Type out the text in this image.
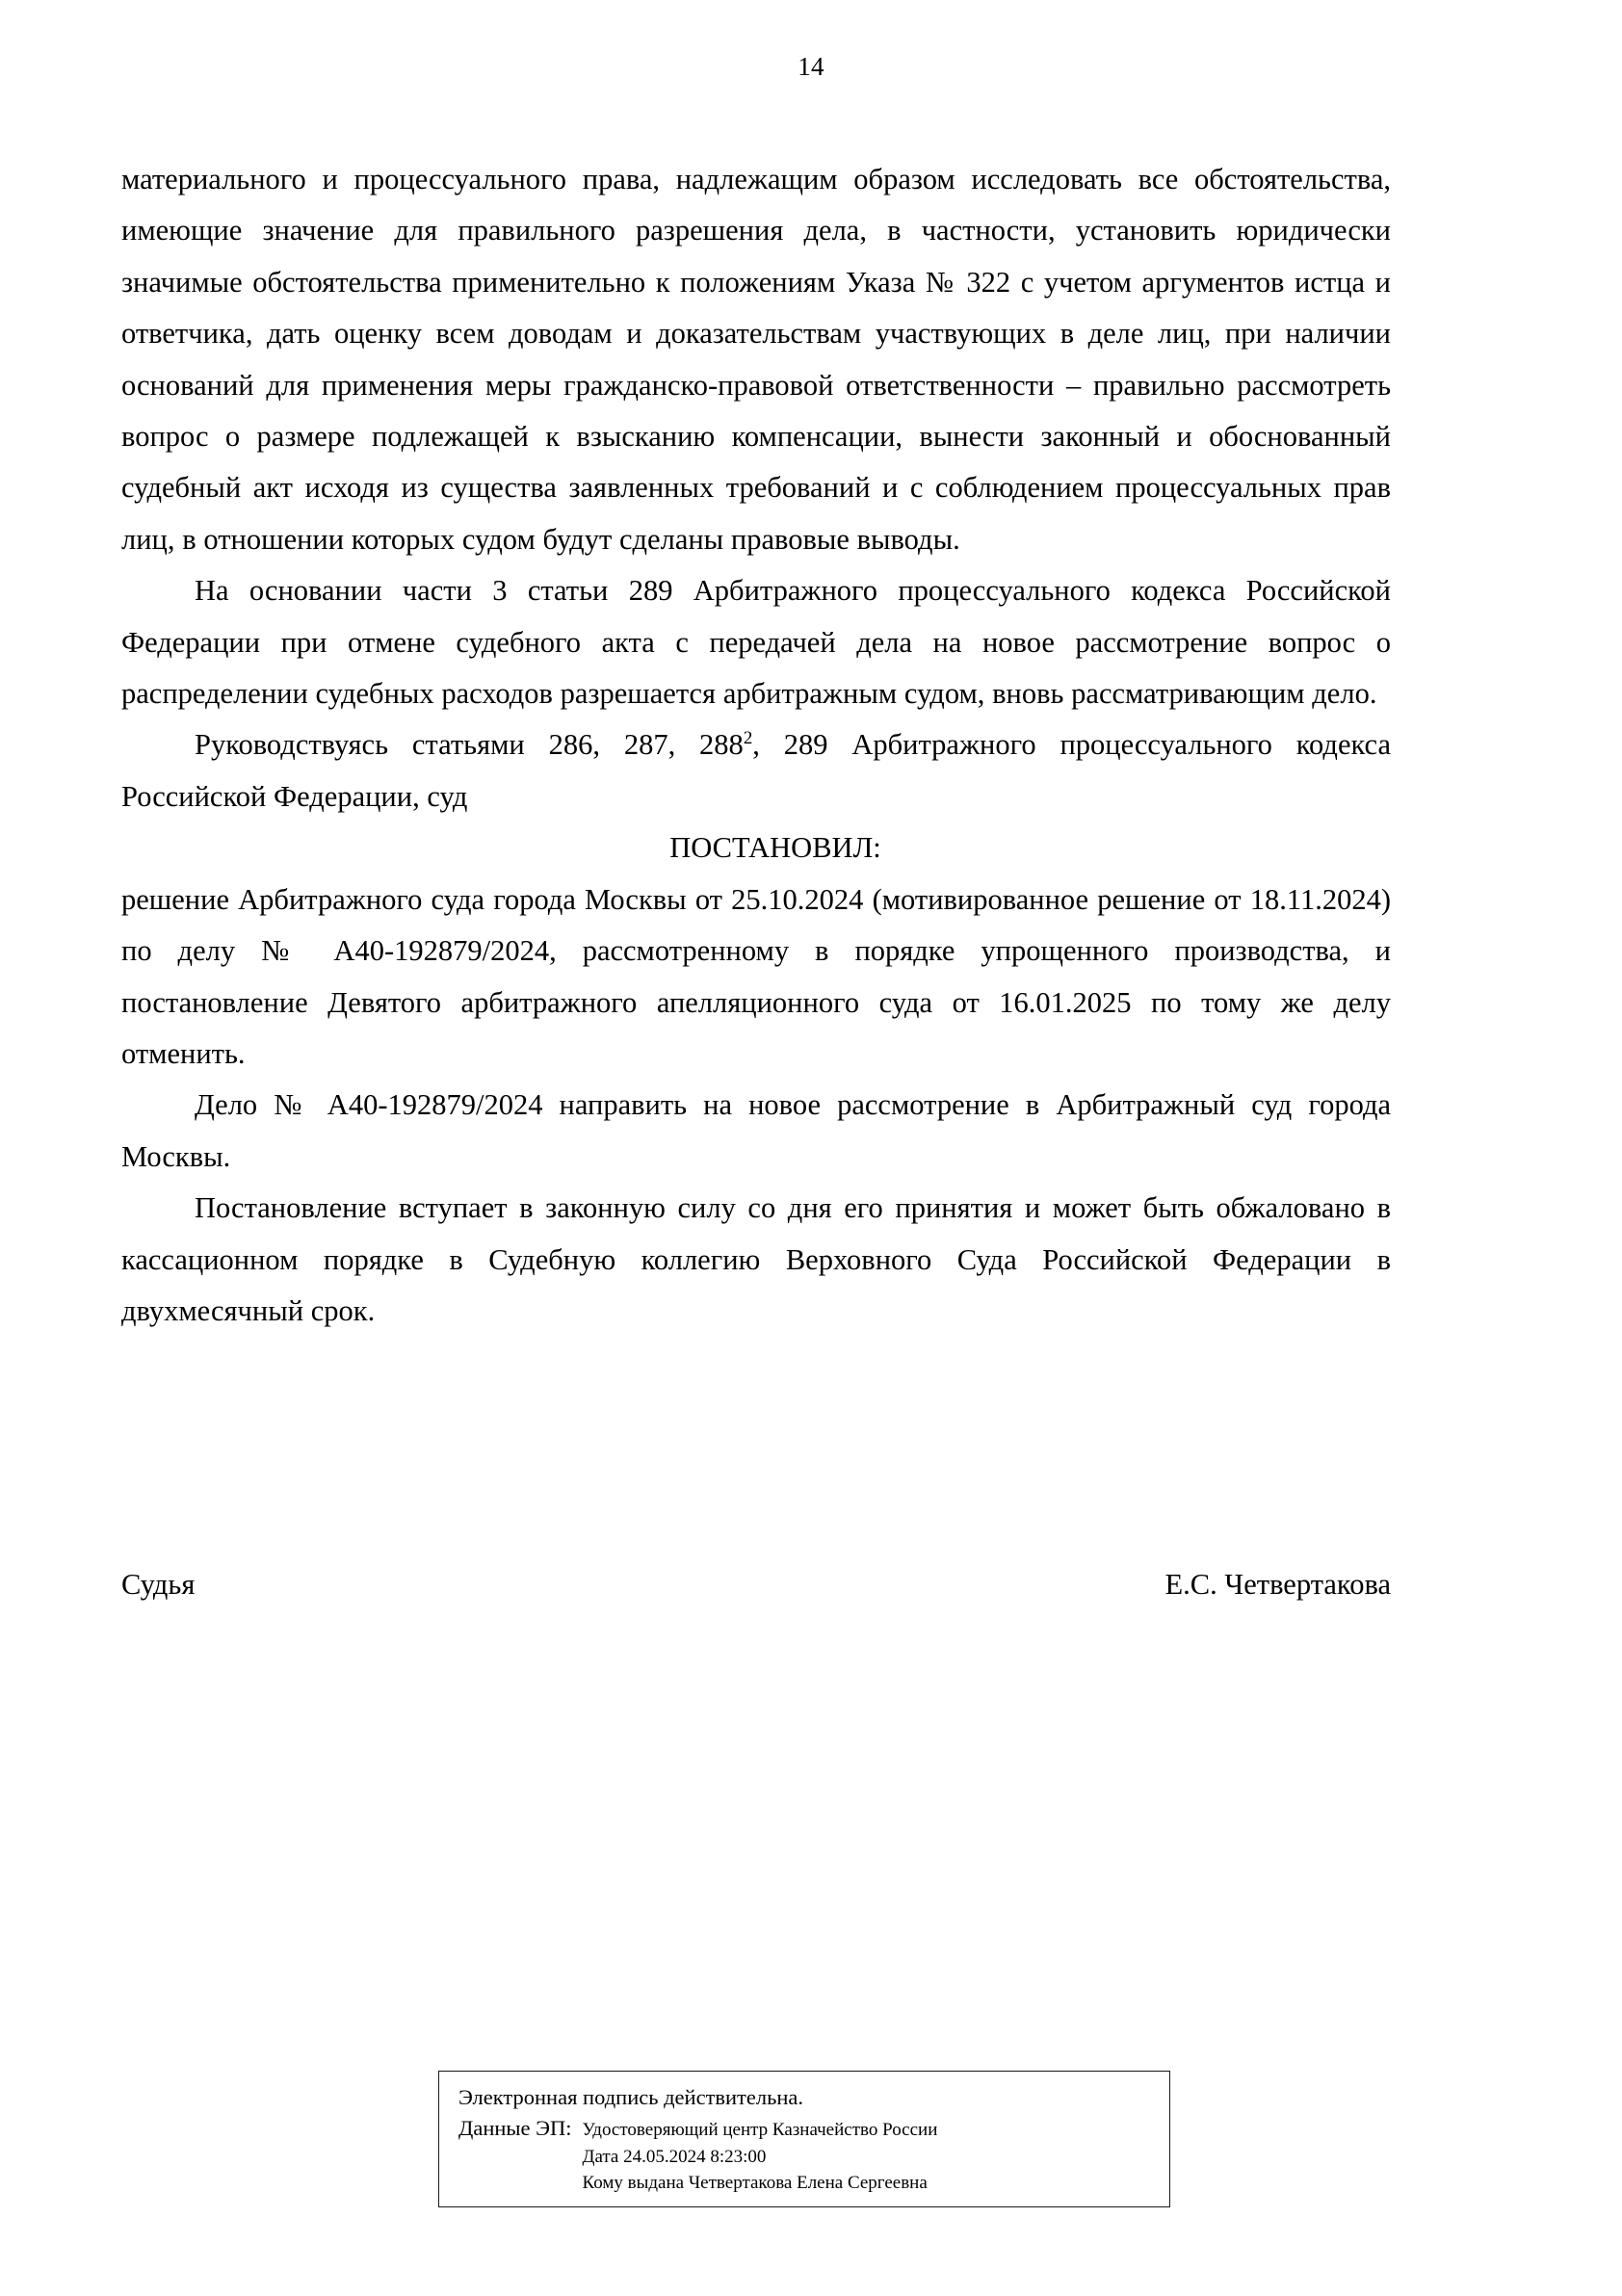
14

материального и процессуального права, надлежащим образом исследовать все обстоятельства, имеющие значение для правильного разрешения дела, в частности, установить юридически значимые обстоятельства применительно к положениям Указа № 322 с учетом аргументов истца и ответчика, дать оценку всем доводам и доказательствам участвующих в деле лиц, при наличии оснований для применения меры гражданско-правовой ответственности – правильно рассмотреть вопрос о размере подлежащей к взысканию компенсации, вынести законный и обоснованный судебный акт исходя из существа заявленных требований и с соблюдением процессуальных прав лиц, в отношении которых судом будут сделаны правовые выводы.

На основании части 3 статьи 289 Арбитражного процессуального кодекса Российской Федерации при отмене судебного акта с передачей дела на новое рассмотрение вопрос о распределении судебных расходов разрешается арбитражным судом, вновь рассматривающим дело.

Руководствуясь статьями 286, 287, $288^2$, 289 Арбитражного процессуального кодекса Российской Федерации, суд

ПОСТАНОВИЛ:

решение Арбитражного суда города Москвы от 25.10.2024 (мотивированное решение от 18.11.2024) по делу № А40-192879/2024, рассмотренному в порядке упрощенного производства, и постановление Девятого арбитражного апелляционного суда от 16.01.2025 по тому же делу отменить.

Дело № А40-192879/2024 направить на новое рассмотрение в Арбитражный суд города Москвы.

Постановление вступает в законную силу со дня его принятия и может быть обжаловано в кассационном порядке в Судебную коллегию Верховного Суда Российской Федерации в двухмесячный срок.

Судья	Е.С. Четвертакова
Электронная подпись действительна.
Данные ЭП: Удостоверяющий центр Казначейство России
Дата 24.05.2024 8:23:00
Кому выдана Четвертакова Елена Сергеевна
